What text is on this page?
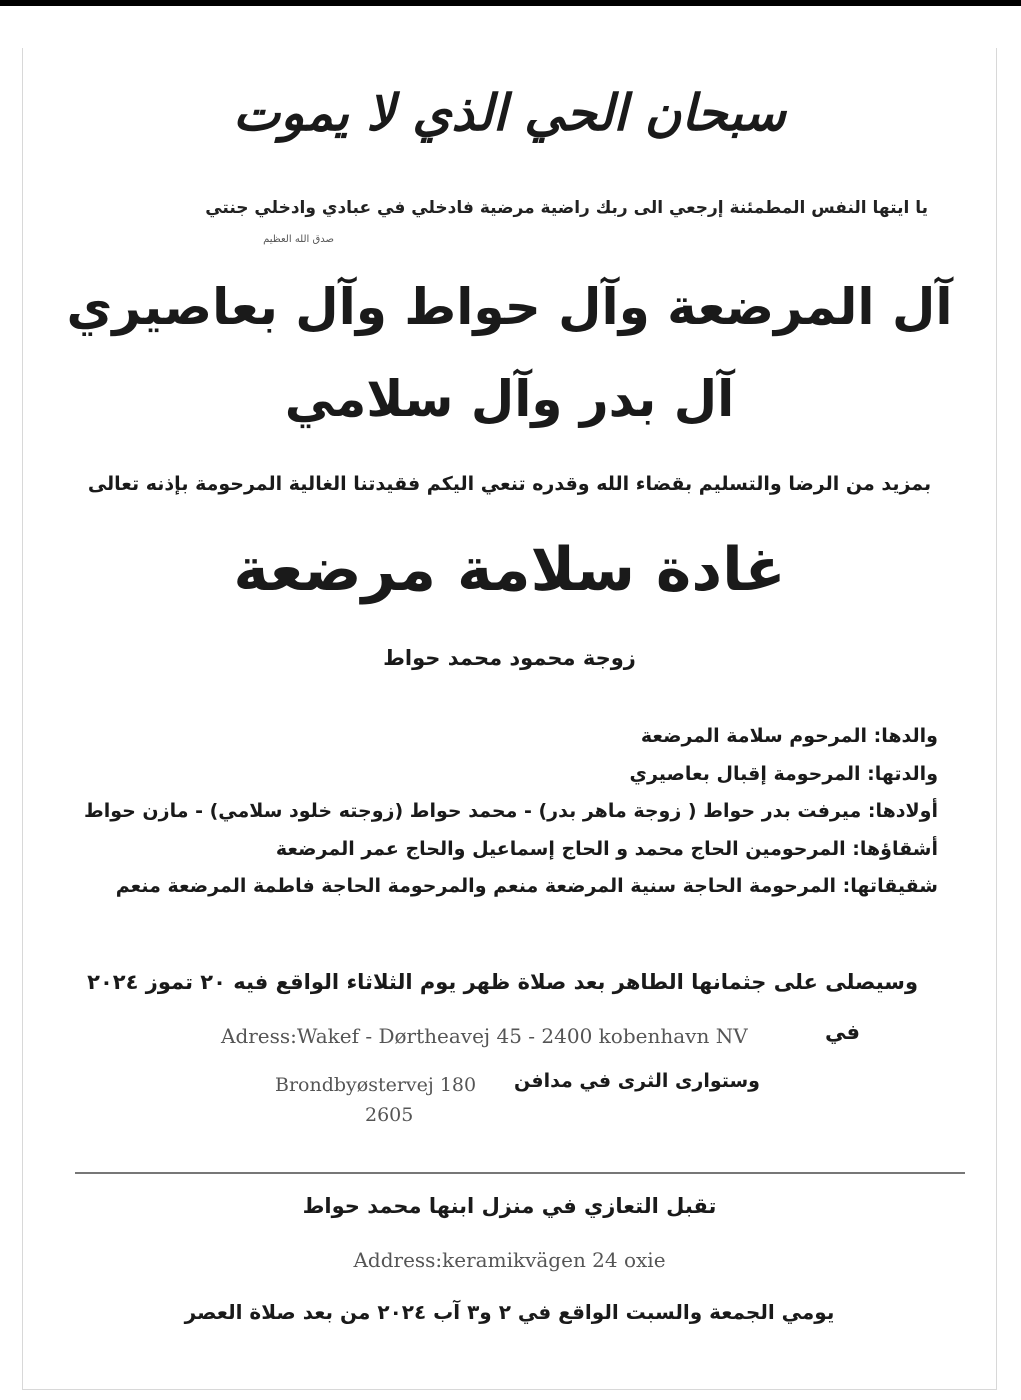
سبحان الحي الذي لا يموت

يا ايتها النفس المطمئنة إرجعي الى ربك راضية مرضية فادخلي في عبادي وادخلي جنتي

صدق الله العظيم

آل المرضعة وآل حواط وآل بعاصيري

آل بدر وآل سلامي

بمزيد من الرضا والتسليم بقضاء الله وقدره تنعي اليكم فقيدتنا الغالية المرحومة بإذنه تعالى

غادة سلامة مرضعة

زوجة محمود محمد حواط

والدها: المرحوم سلامة المرضعة
والدتها: المرحومة إقبال بعاصيري
أولادها: ميرفت بدر حواط ( زوجة ماهر بدر) - محمد حواط (زوجته خلود سلامي) - مازن حواط
أشقاؤها: المرحومين الحاج محمد و الحاج إسماعيل والحاج عمر المرضعة
شقيقاتها: المرحومة الحاجة سنية المرضعة منعم والمرحومة الحاجة فاطمة المرضعة منعم

وسيصلى على جثمانها الطاهر بعد صلاة ظهر يوم الثلاثاء الواقع فيه ٢٠ تموز ٢٠٢٤

في

Adress:Wakef - Dørtheavej 45 - 2400 kobenhavn NV

وستوارى الثرى في مدافن

Brondbyøstervej 180
2605

تقبل التعازي في منزل ابنها محمد حواط

Address:keramikvägen 24 oxie

يومي الجمعة والسبت الواقع في ٢ و٣ آب ٢٠٢٤ من بعد صلاة العصر
